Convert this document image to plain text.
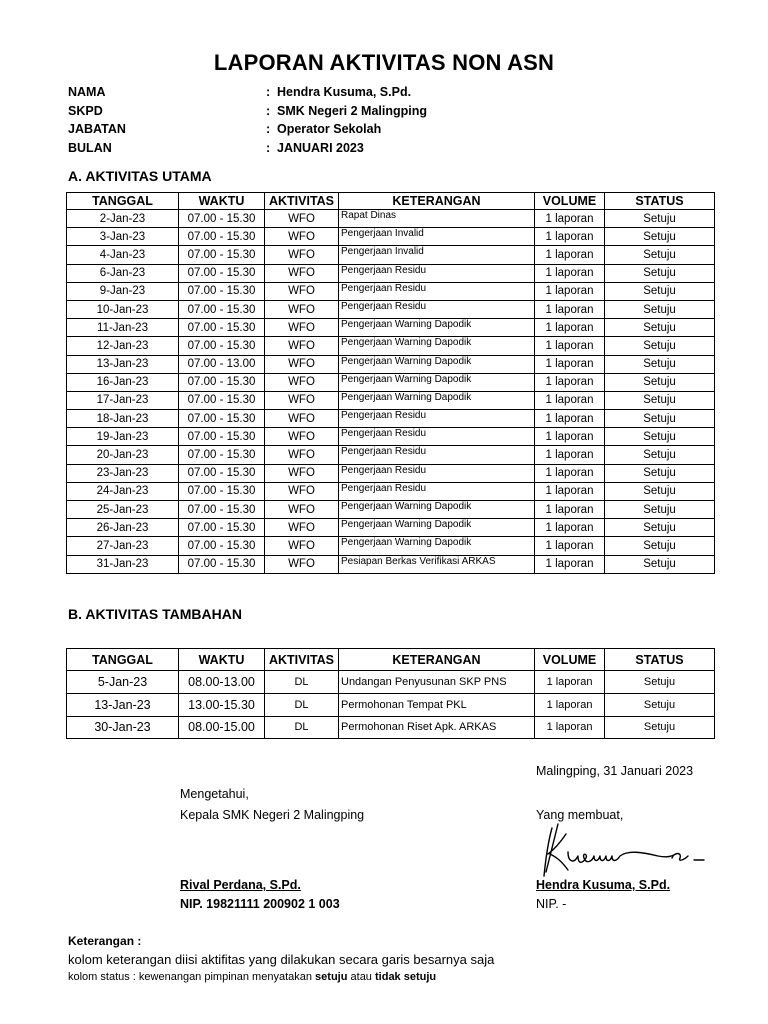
LAPORAN AKTIVITAS NON ASN
NAMA	: Hendra Kusuma, S.Pd.
SKPD	: SMK Negeri 2 Malingping
JABATAN	: Operator Sekolah
BULAN	: JANUARI 2023
A. AKTIVITAS UTAMA
TANGGAL	WAKTU	AKTIVITAS	KETERANGAN	VOLUME	STATUS
2-Jan-23	07.00 - 15.30	WFO	Rapat Dinas	1 laporan	Setuju
3-Jan-23	07.00 - 15.30	WFO	Pengerjaan Invalid	1 laporan	Setuju
4-Jan-23	07.00 - 15.30	WFO	Pengerjaan Invalid	1 laporan	Setuju
6-Jan-23	07.00 - 15.30	WFO	Pengerjaan Residu	1 laporan	Setuju
9-Jan-23	07.00 - 15.30	WFO	Pengerjaan Residu	1 laporan	Setuju
10-Jan-23	07.00 - 15.30	WFO	Pengerjaan Residu	1 laporan	Setuju
11-Jan-23	07.00 - 15.30	WFO	Pengerjaan Warning Dapodik	1 laporan	Setuju
12-Jan-23	07.00 - 15.30	WFO	Pengerjaan Warning Dapodik	1 laporan	Setuju
13-Jan-23	07.00 - 13.00	WFO	Pengerjaan Warning Dapodik	1 laporan	Setuju
16-Jan-23	07.00 - 15.30	WFO	Pengerjaan Warning Dapodik	1 laporan	Setuju
17-Jan-23	07.00 - 15.30	WFO	Pengerjaan Warning Dapodik	1 laporan	Setuju
18-Jan-23	07.00 - 15.30	WFO	Pengerjaan Residu	1 laporan	Setuju
19-Jan-23	07.00 - 15.30	WFO	Pengerjaan Residu	1 laporan	Setuju
20-Jan-23	07.00 - 15.30	WFO	Pengerjaan Residu	1 laporan	Setuju
23-Jan-23	07.00 - 15.30	WFO	Pengerjaan Residu	1 laporan	Setuju
24-Jan-23	07.00 - 15.30	WFO	Pengerjaan Residu	1 laporan	Setuju
25-Jan-23	07.00 - 15.30	WFO	Pengerjaan Warning Dapodik	1 laporan	Setuju
26-Jan-23	07.00 - 15.30	WFO	Pengerjaan Warning Dapodik	1 laporan	Setuju
27-Jan-23	07.00 - 15.30	WFO	Pengerjaan Warning Dapodik	1 laporan	Setuju
31-Jan-23	07.00 - 15.30	WFO	Pesiapan Berkas Verifikasi ARKAS	1 laporan	Setuju
B. AKTIVITAS TAMBAHAN
TANGGAL	WAKTU	AKTIVITAS	KETERANGAN	VOLUME	STATUS
5-Jan-23	08.00-13.00	DL	Undangan Penyusunan SKP PNS	1 laporan	Setuju
13-Jan-23	13.00-15.30	DL	Permohonan Tempat PKL	1 laporan	Setuju
30-Jan-23	08.00-15.00	DL	Permohonan Riset Apk. ARKAS	1 laporan	Setuju
Malingping, 31 Januari 2023
Mengetahui,
Kepala SMK Negeri 2 Malingping
Rival Perdana, S.Pd.
NIP. 19821111 200902 1 003
Yang membuat,
Hendra Kusuma, S.Pd.
NIP. -
Keterangan :
kolom keterangan diisi aktifitas yang dilakukan secara garis besarnya saja
kolom status : kewenangan pimpinan menyatakan setuju atau tidak setuju
